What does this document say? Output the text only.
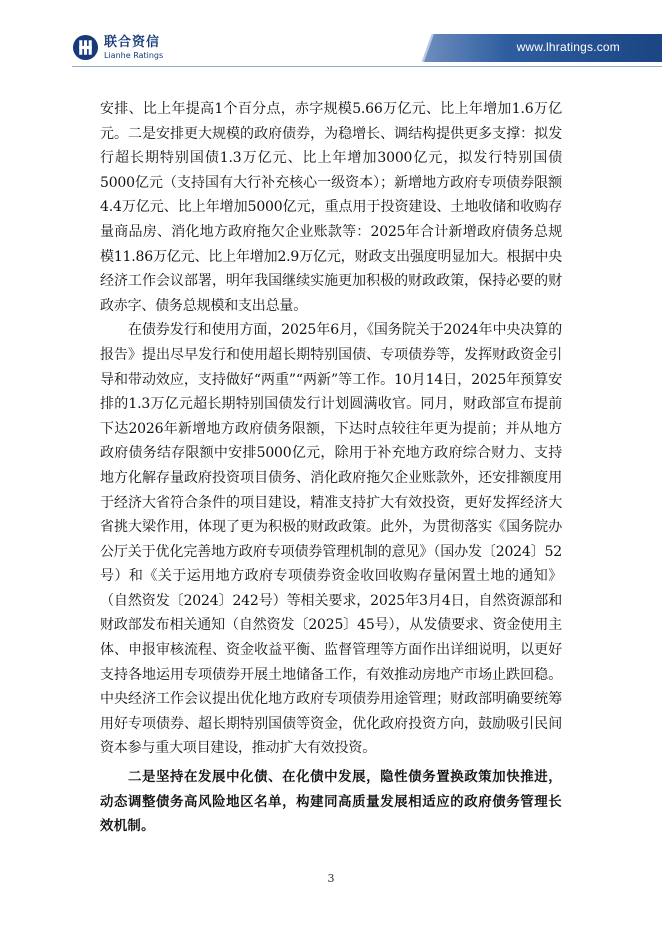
联合资信
Lianhe Ratings
www.lhratings.com

安排、比上年提高1个百分点，赤字规模5.66万亿元、比上年增加1.6万亿元。二是安排更大规模的政府债券，为稳增长、调结构提供更多支撑：拟发行超长期特别国债1.3万亿元、比上年增加3000亿元，拟发行特别国债5000亿元（支持国有大行补充核心一级资本）；新增地方政府专项债券限额4.4万亿元、比上年增加5000亿元，重点用于投资建设、土地收储和收购存量商品房、消化地方政府拖欠企业账款等：2025年合计新增政府债务总规模11.86万亿元、比上年增加2.9万亿元，财政支出强度明显加大。根据中央经济工作会议部署，明年我国继续实施更加积极的财政政策，保持必要的财政赤字、债务总规模和支出总量。

在债券发行和使用方面，2025年6月，《国务院关于2024年中央决算的报告》提出尽早发行和使用超长期特别国债、专项债券等，发挥财政资金引导和带动效应，支持做好“两重”“两新”等工作。10月14日，2025年预算安排的1.3万亿元超长期特别国债发行计划圆满收官。同月，财政部宣布提前下达2026年新增地方政府债务限额，下达时点较往年更为提前；并从地方政府债务结存限额中安排5000亿元，除用于补充地方政府综合财力、支持地方化解存量政府投资项目债务、消化政府拖欠企业账款外，还安排额度用于经济大省符合条件的项目建设，精准支持扩大有效投资，更好发挥经济大省挑大梁作用，体现了更为积极的财政政策。此外，为贯彻落实《国务院办公厅关于优化完善地方政府专项债券管理机制的意见》（国办发〔2024〕52号）和《关于运用地方政府专项债券资金收回收购存量闲置土地的通知》（自然资发〔2024〕242号）等相关要求，2025年3月4日，自然资源部和财政部发布相关通知（自然资发〔2025〕45号），从发债要求、资金使用主体、申报审核流程、资金收益平衡、监督管理等方面作出详细说明，以更好支持各地运用专项债券开展土地储备工作，有效推动房地产市场止跌回稳。中央经济工作会议提出优化地方政府专项债券用途管理；财政部明确要统筹用好专项债券、超长期特别国债等资金，优化政府投资方向，鼓励吸引民间资本参与重大项目建设，推动扩大有效投资。

二是坚持在发展中化债、在化债中发展，隐性债务置换政策加快推进，动态调整债务高风险地区名单，构建同高质量发展相适应的政府债务管理长效机制。

3
